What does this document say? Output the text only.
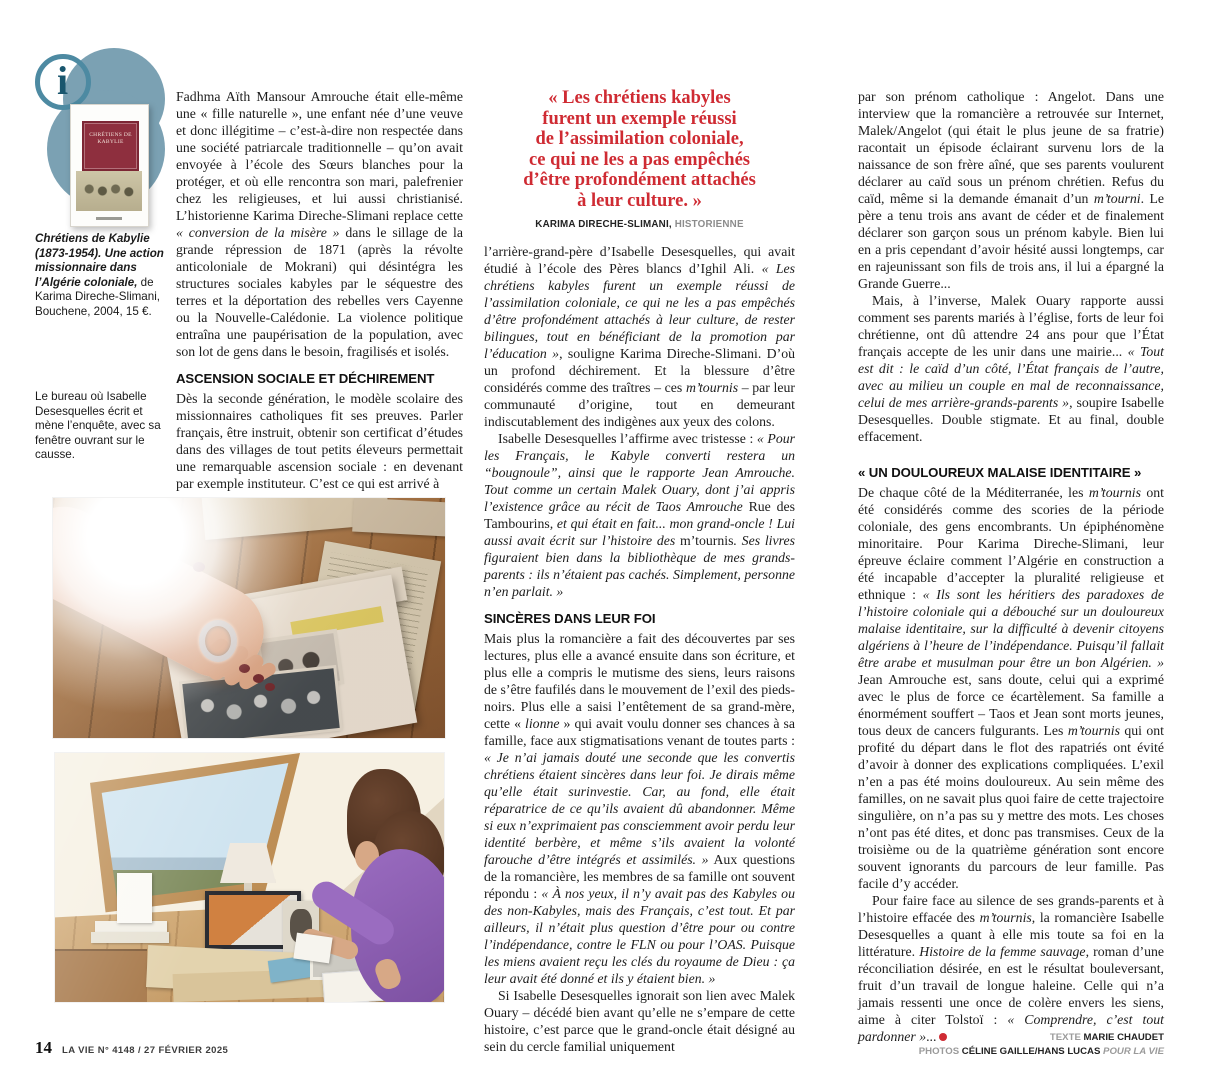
i
CHRÉTIENS DE KABYLIE
Chrétiens de Kabylie (1873-1954). Une action missionnaire dans l’Algérie coloniale, de Karima Direche-Slimani, Bouchene, 2004, 15 €.
Le bureau où Isabelle Desesquelles écrit et mène l’enquête, avec sa fenêtre ouvrant sur le causse.

Fadhma Aïth Mansour Amrouche était elle-même une « fille naturelle », une enfant née d’une veuve et donc illégitime – c’est-à-dire non respectée dans une société patriarcale traditionnelle – qu’on avait envoyée à l’école des Sœurs blanches pour la protéger, et où elle rencontra son mari, palefrenier chez les religieuses, et lui aussi christianisé. L’historienne Karima Direche-Slimani replace cette « conversion de la misère » dans le sillage de la grande répression de 1871 (après la révolte anticoloniale de Mokrani) qui désintégra les structures sociales kabyles par le séquestre des terres et la déportation des rebelles vers Cayenne ou la Nouvelle-Calédonie. La violence politique entraîna une paupérisation de la population, avec son lot de gens dans le besoin, fragilisés et isolés.

ASCENSION SOCIALE ET DÉCHIREMENT

Dès la seconde génération, le modèle scolaire des missionnaires catholiques fit ses preuves. Parler français, être instruit, obtenir son certificat d’études dans des villages de tout petits éleveurs permettait une remarquable ascension sociale : en devenant par exemple instituteur. C’est ce qui est arrivé à

« Les chrétiens kabyles
furent un exemple réussi
de l’assimilation coloniale,
ce qui ne les a pas empêchés
d’être profondément attachés
à leur culture. »
KARIMA DIRECHE-SLIMANI, HISTORIENNE

l’arrière-grand-père d’Isabelle Desesquelles, qui avait étudié à l’école des Pères blancs d’Ighil Ali. « Les chrétiens kabyles furent un exemple réussi de l’assimilation coloniale, ce qui ne les a pas empêchés d’être profondément attachés à leur culture, de rester bilingues, tout en bénéficiant de la promotion par l’éducation », souligne Karima Direche-Slimani. D’où un profond déchirement. Et la blessure d’être considérés comme des traîtres – ces m’tournis – par leur communauté d’origine, tout en demeurant indiscutablement des indigènes aux yeux des colons.

Isabelle Desesquelles l’affirme avec tristesse : « Pour les Français, le Kabyle converti restera un “bougnoule”, ainsi que le rapporte Jean Amrouche. Tout comme un certain Malek Ouary, dont j’ai appris l’existence grâce au récit de Taos Amrouche Rue des Tambourins, et qui était en fait... mon grand-oncle ! Lui aussi avait écrit sur l’histoire des m’tournis. Ses livres figuraient bien dans la bibliothèque de mes grands-parents : ils n’étaient pas cachés. Simplement, personne n’en parlait. »

SINCÈRES DANS LEUR FOI

Mais plus la romancière a fait des découvertes par ses lectures, plus elle a avancé ensuite dans son écriture, et plus elle a compris le mutisme des siens, leurs raisons de s’être faufilés dans le mouvement de l’exil des pieds-noirs. Plus elle a saisi l’entêtement de sa grand-mère, cette « lionne » qui avait voulu donner ses chances à sa famille, face aux stigmatisations venant de toutes parts : « Je n’ai jamais douté une seconde que les convertis chrétiens étaient sincères dans leur foi. Je dirais même qu’elle était surinvestie. Car, au fond, elle était réparatrice de ce qu’ils avaient dû abandonner. Même si eux n’exprimaient pas consciemment avoir perdu leur identité berbère, et même s’ils avaient la volonté farouche d’être intégrés et assimilés. » Aux questions de la romancière, les membres de sa famille ont souvent répondu : « À nos yeux, il n’y avait pas des Kabyles ou des non-Kabyles, mais des Français, c’est tout. Et par ailleurs, il n’était plus question d’être pour ou contre l’indépendance, contre le FLN ou pour l’OAS. Puisque les miens avaient reçu les clés du royaume de Dieu : ça leur avait été donné et ils y étaient bien. »

Si Isabelle Desesquelles ignorait son lien avec Malek Ouary – décédé bien avant qu’elle ne s’empare de cette histoire, c’est parce que le grand-oncle était désigné au sein du cercle familial uniquement

par son prénom catholique : Angelot. Dans une interview que la romancière a retrouvée sur Internet, Malek/Angelot (qui était le plus jeune de sa fratrie) racontait un épisode éclairant survenu lors de la naissance de son frère aîné, que ses parents voulurent déclarer au caïd sous un prénom chrétien. Refus du caïd, même si la demande émanait d’un m’tourni. Le père a tenu trois ans avant de céder et de finalement déclarer son garçon sous un prénom kabyle. Bien lui en a pris cependant d’avoir hésité aussi longtemps, car en rajeunissant son fils de trois ans, il lui a épargné la Grande Guerre...

Mais, à l’inverse, Malek Ouary rapporte aussi comment ses parents mariés à l’église, forts de leur foi chrétienne, ont dû attendre 24 ans pour que l’État français accepte de les unir dans une mairie... « Tout est dit : le caïd d’un côté, l’État français de l’autre, avec au milieu un couple en mal de reconnaissance, celui de mes arrière-grands-parents », soupire Isabelle Desesquelles. Double stigmate. Et au final, double effacement.

« UN DOULOUREUX MALAISE IDENTITAIRE »

De chaque côté de la Méditerranée, les m’tournis ont été considérés comme des scories de la période coloniale, des gens encombrants. Un épiphénomène minoritaire. Pour Karima Direche-Slimani, leur épreuve éclaire comment l’Algérie en construction a été incapable d’accepter la pluralité religieuse et ethnique : « Ils sont les héritiers des paradoxes de l’histoire coloniale qui a débouché sur un douloureux malaise identitaire, sur la difficulté à devenir citoyens algériens à l’heure de l’indépendance. Puisqu’il fallait être arabe et musulman pour être un bon Algérien. » Jean Amrouche est, sans doute, celui qui a exprimé avec le plus de force ce écartèlement. Sa famille a énormément souffert – Taos et Jean sont morts jeunes, tous deux de cancers fulgurants. Les m’tournis qui ont profité du départ dans le flot des rapatriés ont évité d’avoir à donner des explications compliquées. L’exil n’en a pas été moins douloureux. Au sein même des familles, on ne savait plus quoi faire de cette trajectoire singulière, on n’a pas su y mettre des mots. Les choses n’ont pas été dites, et donc pas transmises. Ceux de la troisième ou de la quatrième génération sont encore souvent ignorants du parcours de leur famille. Pas facile d’y accéder.

Pour faire face au silence de ses grands-parents et à l’histoire effacée des m’tournis, la romancière Isabelle Desesquelles a quant à elle mis toute sa foi en la littérature. Histoire de la femme sauvage, roman d’une réconciliation désirée, en est le résultat bouleversant, fruit d’un travail de longue haleine. Celle qui n’a jamais ressenti une once de colère envers les siens, aime à citer Tolstoï : « Comprendre, c’est tout pardonner »...	TEXTE MARIE CHAUDET
PHOTOS CÉLINE GAILLE/HANS LUCAS POUR LA VIE
14 LA VIE N° 4148 / 27 FÉVRIER 2025
